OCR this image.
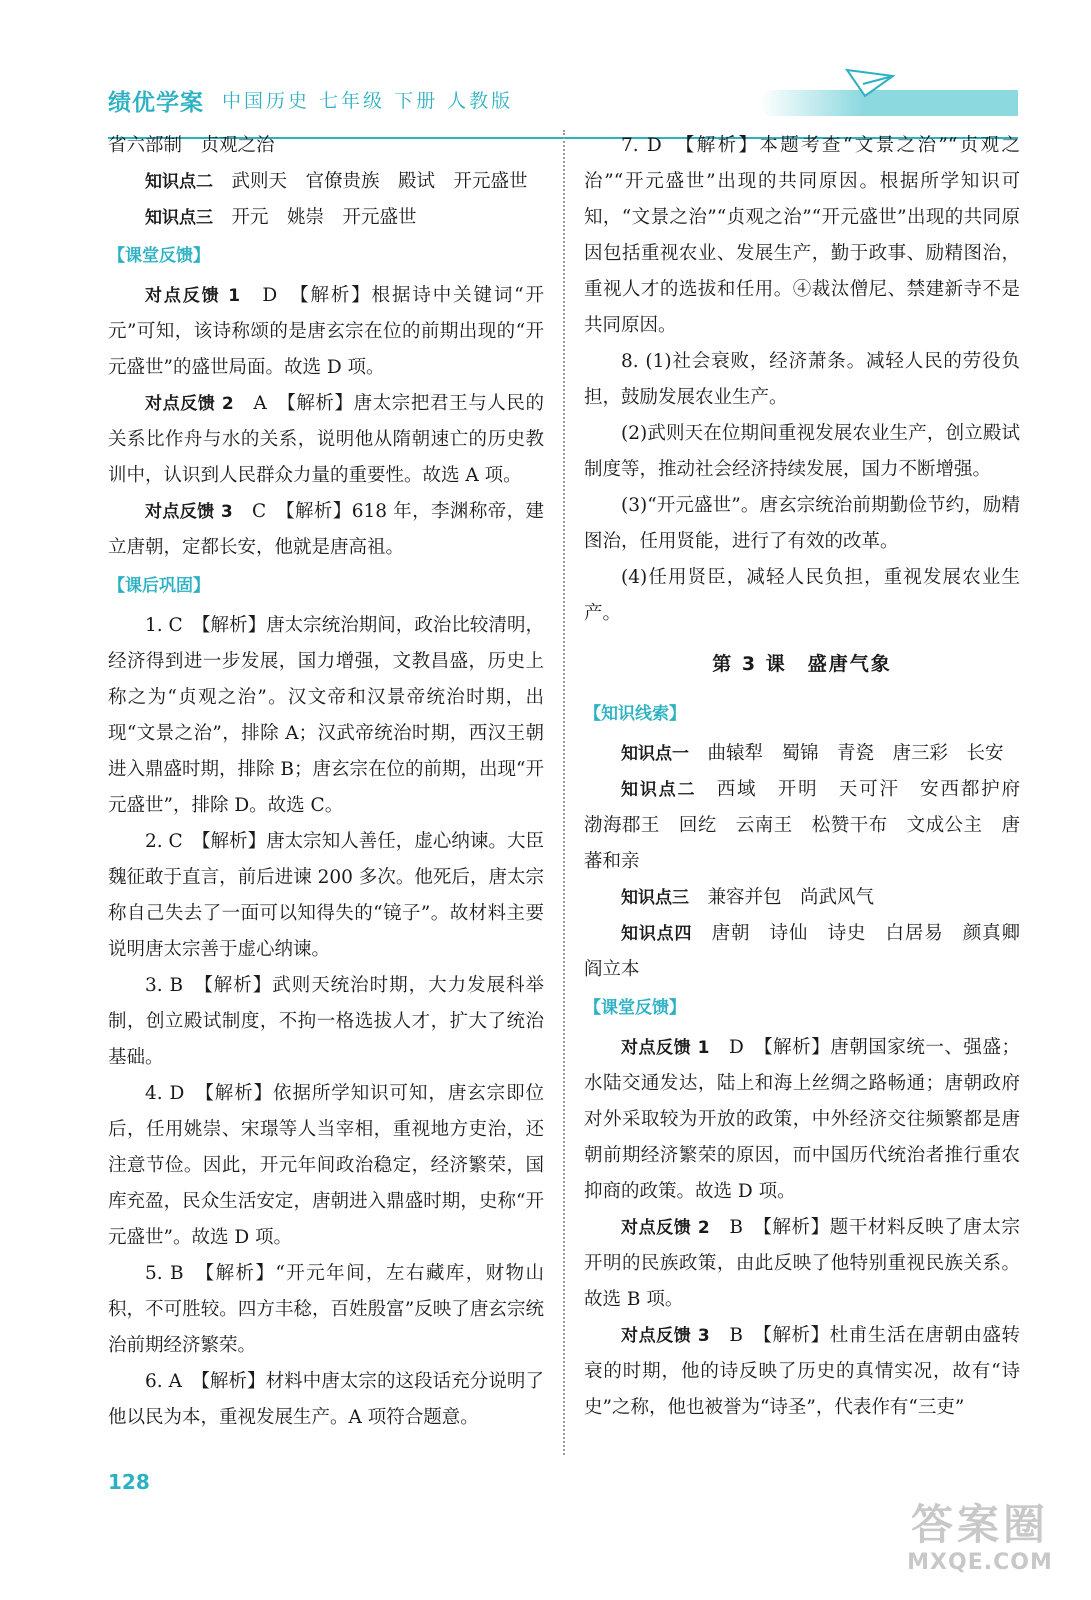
绩优学案 中国历史 七年级 下册 人教版

省六部制　贞观之治

知识点二　武则天　官僚贵族　殿试　开元盛世

知识点三　开元　姚崇　开元盛世

【课堂反馈】

对点反馈 1　D　【解析】根据诗中关键词“开元”可知，该诗称颂的是唐玄宗在位的前期出现的“开元盛世”的盛世局面。故选 D 项。

对点反馈 2　A　【解析】唐太宗把君王与人民的关系比作舟与水的关系，说明他从隋朝速亡的历史教训中，认识到人民群众力量的重要性。故选 A 项。

对点反馈 3　C　【解析】618 年，李渊称帝，建立唐朝，定都长安，他就是唐高祖。

【课后巩固】

1. C　【解析】唐太宗统治期间，政治比较清明，经济得到进一步发展，国力增强，文教昌盛，历史上称之为“贞观之治”。汉文帝和汉景帝统治时期，出现“文景之治”，排除 A；汉武帝统治时期，西汉王朝进入鼎盛时期，排除 B；唐玄宗在位的前期，出现“开元盛世”，排除 D。故选 C。

2. C　【解析】唐太宗知人善任，虚心纳谏。大臣魏征敢于直言，前后进谏 200 多次。他死后，唐太宗称自己失去了一面可以知得失的“镜子”。故材料主要说明唐太宗善于虚心纳谏。

3. B　【解析】武则天统治时期，大力发展科举制，创立殿试制度，不拘一格选拔人才，扩大了统治基础。

4. D　【解析】依据所学知识可知，唐玄宗即位后，任用姚崇、宋璟等人当宰相，重视地方吏治，还注意节俭。因此，开元年间政治稳定，经济繁荣，国库充盈，民众生活安定，唐朝进入鼎盛时期，史称“开元盛世”。故选 D 项。

5. B　【解析】“开元年间，左右藏库，财物山积，不可胜较。四方丰稔，百姓殷富”反映了唐玄宗统治前期经济繁荣。

6. A　【解析】材料中唐太宗的这段话充分说明了他以民为本，重视发展生产。A 项符合题意。

7. D　【解析】本题考查“文景之治”“贞观之治”“开元盛世”出现的共同原因。根据所学知识可知，“文景之治”“贞观之治”“开元盛世”出现的共同原因包括重视农业、发展生产，勤于政事、励精图治，重视人才的选拔和任用。④裁汰僧尼、禁建新寺不是共同原因。

8. (1)社会衰败，经济萧条。减轻人民的劳役负担，鼓励发展农业生产。

(2)武则天在位期间重视发展农业生产，创立殿试制度等，推动社会经济持续发展，国力不断增强。

(3)“开元盛世”。唐玄宗统治前期勤俭节约，励精图治，任用贤能，进行了有效的改革。

(4)任用贤臣，减轻人民负担，重视发展农业生产。

第 3 课　盛唐气象
【知识线索】

知识点一　曲辕犁　蜀锦　青瓷　唐三彩　长安

知识点二　西域　开明　天可汗　安西都护府　渤海郡王　回纥　云南王　松赞干布　文成公主　唐蕃和亲

知识点三　兼容并包　尚武风气

知识点四　唐朝　诗仙　诗史　白居易　颜真卿　阎立本

【课堂反馈】

对点反馈 1　D　【解析】唐朝国家统一、强盛；水陆交通发达，陆上和海上丝绸之路畅通；唐朝政府对外采取较为开放的政策，中外经济交往频繁都是唐朝前期经济繁荣的原因，而中国历代统治者推行重农抑商的政策。故选 D 项。

对点反馈 2　B　【解析】题干材料反映了唐太宗开明的民族政策，由此反映了他特别重视民族关系。故选 B 项。

对点反馈 3　B　【解析】杜甫生活在唐朝由盛转衰的时期，他的诗反映了历史的真情实况，故有“诗史”之称，他也被誉为“诗圣”，代表作有“三吏”

128
答案圈
MXQE.COM
